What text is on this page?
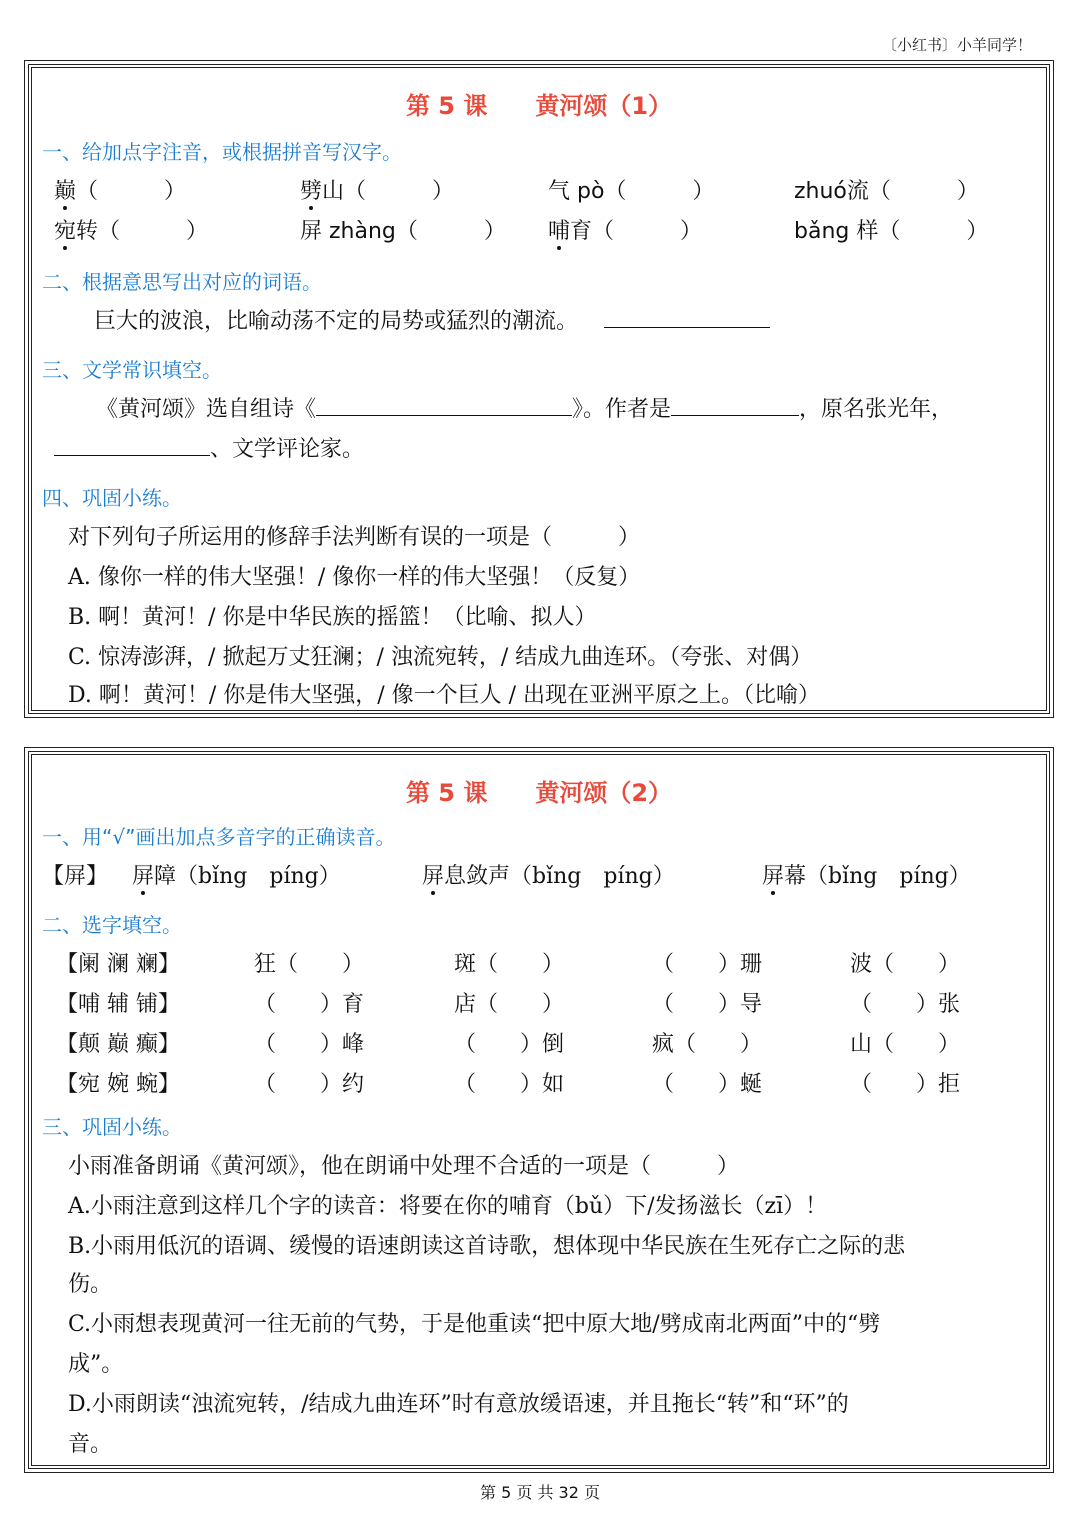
〔小红书〕小羊同学！
第 5 课 黄河颂（1）
一、给加点字注音，或根据拼音写汉字。
巅（　　　）	劈山（　　　）	气 pò（　　　）	zhuó流（　　　）
宛转（　　　）	屏 zhàng（　　　） 哺育（　　　）	bǎng 样（　　　）
二、根据意思写出对应的词语。
巨大的波浪，比喻动荡不定的局势或猛烈的潮流。
三、文学常识填空。
《黄河颂》选自组诗《	》。作者是	，原名张光年，
、文学评论家。
四、巩固小练。
对下列句子所运用的修辞手法判断有误的一项是（　　　）
A. 像你一样的伟大坚强！/ 像你一样的伟大坚强！（反复）
B. 啊！黄河！/ 你是中华民族的摇篮！（比喻、拟人）
C. 惊涛澎湃，/ 掀起万丈狂澜；/ 浊流宛转，/ 结成九曲连环。（夸张、对偶）
D. 啊！黄河！/ 你是伟大坚强，/ 像一个巨人 / 出现在亚洲平原之上。（比喻）
第 5 课 黄河颂（2）
一、用“√”画出加点多音字的正确读音。
【屏】 屏障（bǐng　píng）	屏息敛声（bǐng　píng）	屏幕（bǐng　píng）
二、选字填空。
【阑 澜 斓】	狂（　　）	斑（　　）	（　　）珊	波（　　）
【哺 辅 铺】	（　　）育	店（　　）	（　　）导	（　　）张
【颠 巅 癫】	（　　）峰	（　　）倒	疯（　　）	山（　　）
【宛 婉 蜿】	（　　）约	（　　）如	（　　）蜒	（　　）拒
三、巩固小练。
小雨准备朗诵《黄河颂》，他在朗诵中处理不合适的一项是（　　　）
A.小雨注意到这样几个字的读音：将要在你的哺育（bǔ）下/发扬滋长（zī）！
B.小雨用低沉的语调、缓慢的语速朗读这首诗歌，想体现中华民族在生死存亡之际的悲
伤。
C.小雨想表现黄河一往无前的气势，于是他重读“把中原大地/劈成南北两面”中的“劈
成”。
D.小雨朗读“浊流宛转，/结成九曲连环”时有意放缓语速，并且拖长“转”和“环”的
音。
第 5 页 共 32 页
